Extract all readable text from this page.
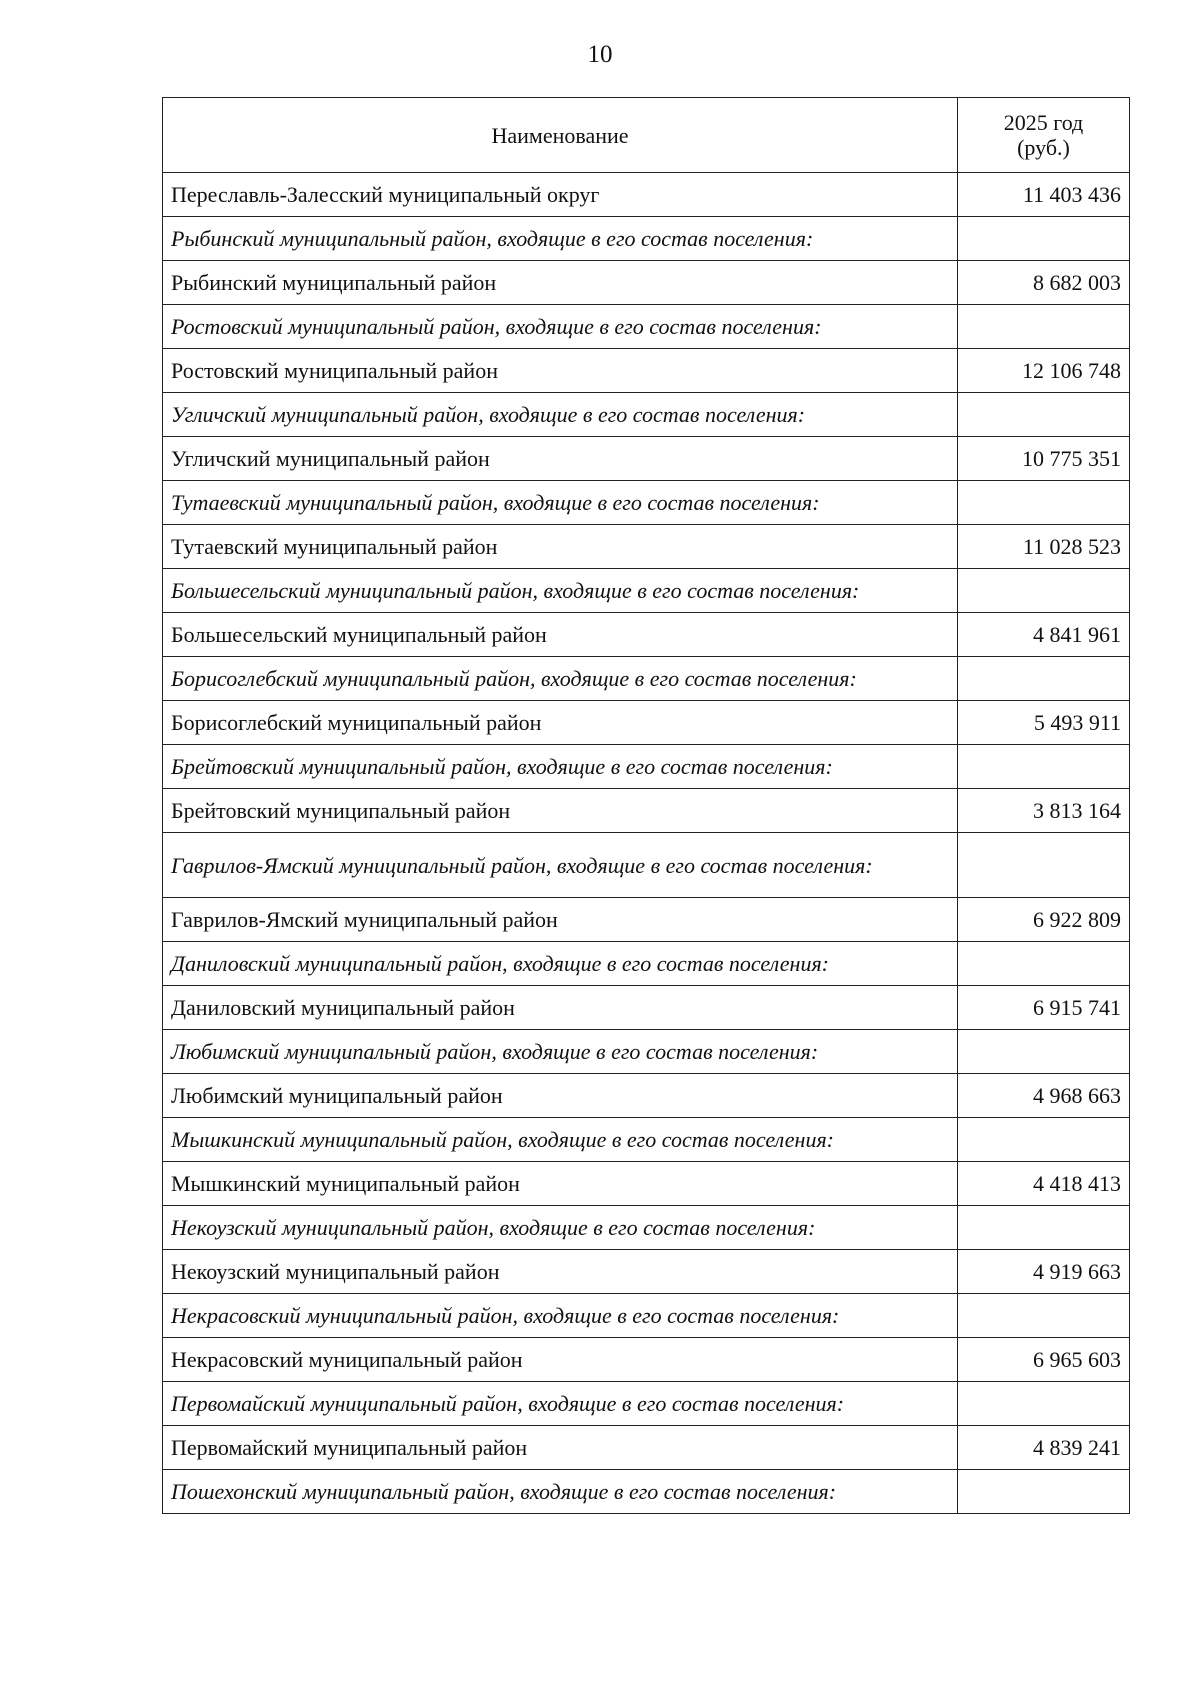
10
Наименование	2025 год
(руб.)

Переславль-Залесский муниципальный округ	11 403 436
Рыбинский муниципальный район, входящие в его состав поселения:	
Рыбинский муниципальный район	8 682 003
Ростовский муниципальный район, входящие в его состав поселения:	
Ростовский муниципальный район	12 106 748
Угличский муниципальный район, входящие в его состав поселения:	
Угличский муниципальный район	10 775 351
Тутаевский муниципальный район, входящие в его состав поселения:	
Тутаевский муниципальный район	11 028 523
Большесельский муниципальный район, входящие в его состав поселения:	
Большесельский муниципальный район	4 841 961
Борисоглебский муниципальный район, входящие в его состав поселения:	
Борисоглебский муниципальный район	5 493 911
Брейтовский муниципальный район, входящие в его состав поселения:	
Брейтовский муниципальный район	3 813 164
Гаврилов-Ямский муниципальный район, входящие в его состав поселения:	
Гаврилов-Ямский муниципальный район	6 922 809
Даниловский муниципальный район, входящие в его состав поселения:	
Даниловский муниципальный район	6 915 741
Любимский муниципальный район, входящие в его состав поселения:	
Любимский муниципальный район	4 968 663
Мышкинский муниципальный район, входящие в его состав поселения:	
Мышкинский муниципальный район	4 418 413
Некоузский муниципальный район, входящие в его состав поселения:	
Некоузский муниципальный район	4 919 663
Некрасовский муниципальный район, входящие в его состав поселения:	
Некрасовский муниципальный район	6 965 603
Первомайский муниципальный район, входящие в его состав поселения:	
Первомайский муниципальный район	4 839 241
Пошехонский муниципальный район, входящие в его состав поселения:	
